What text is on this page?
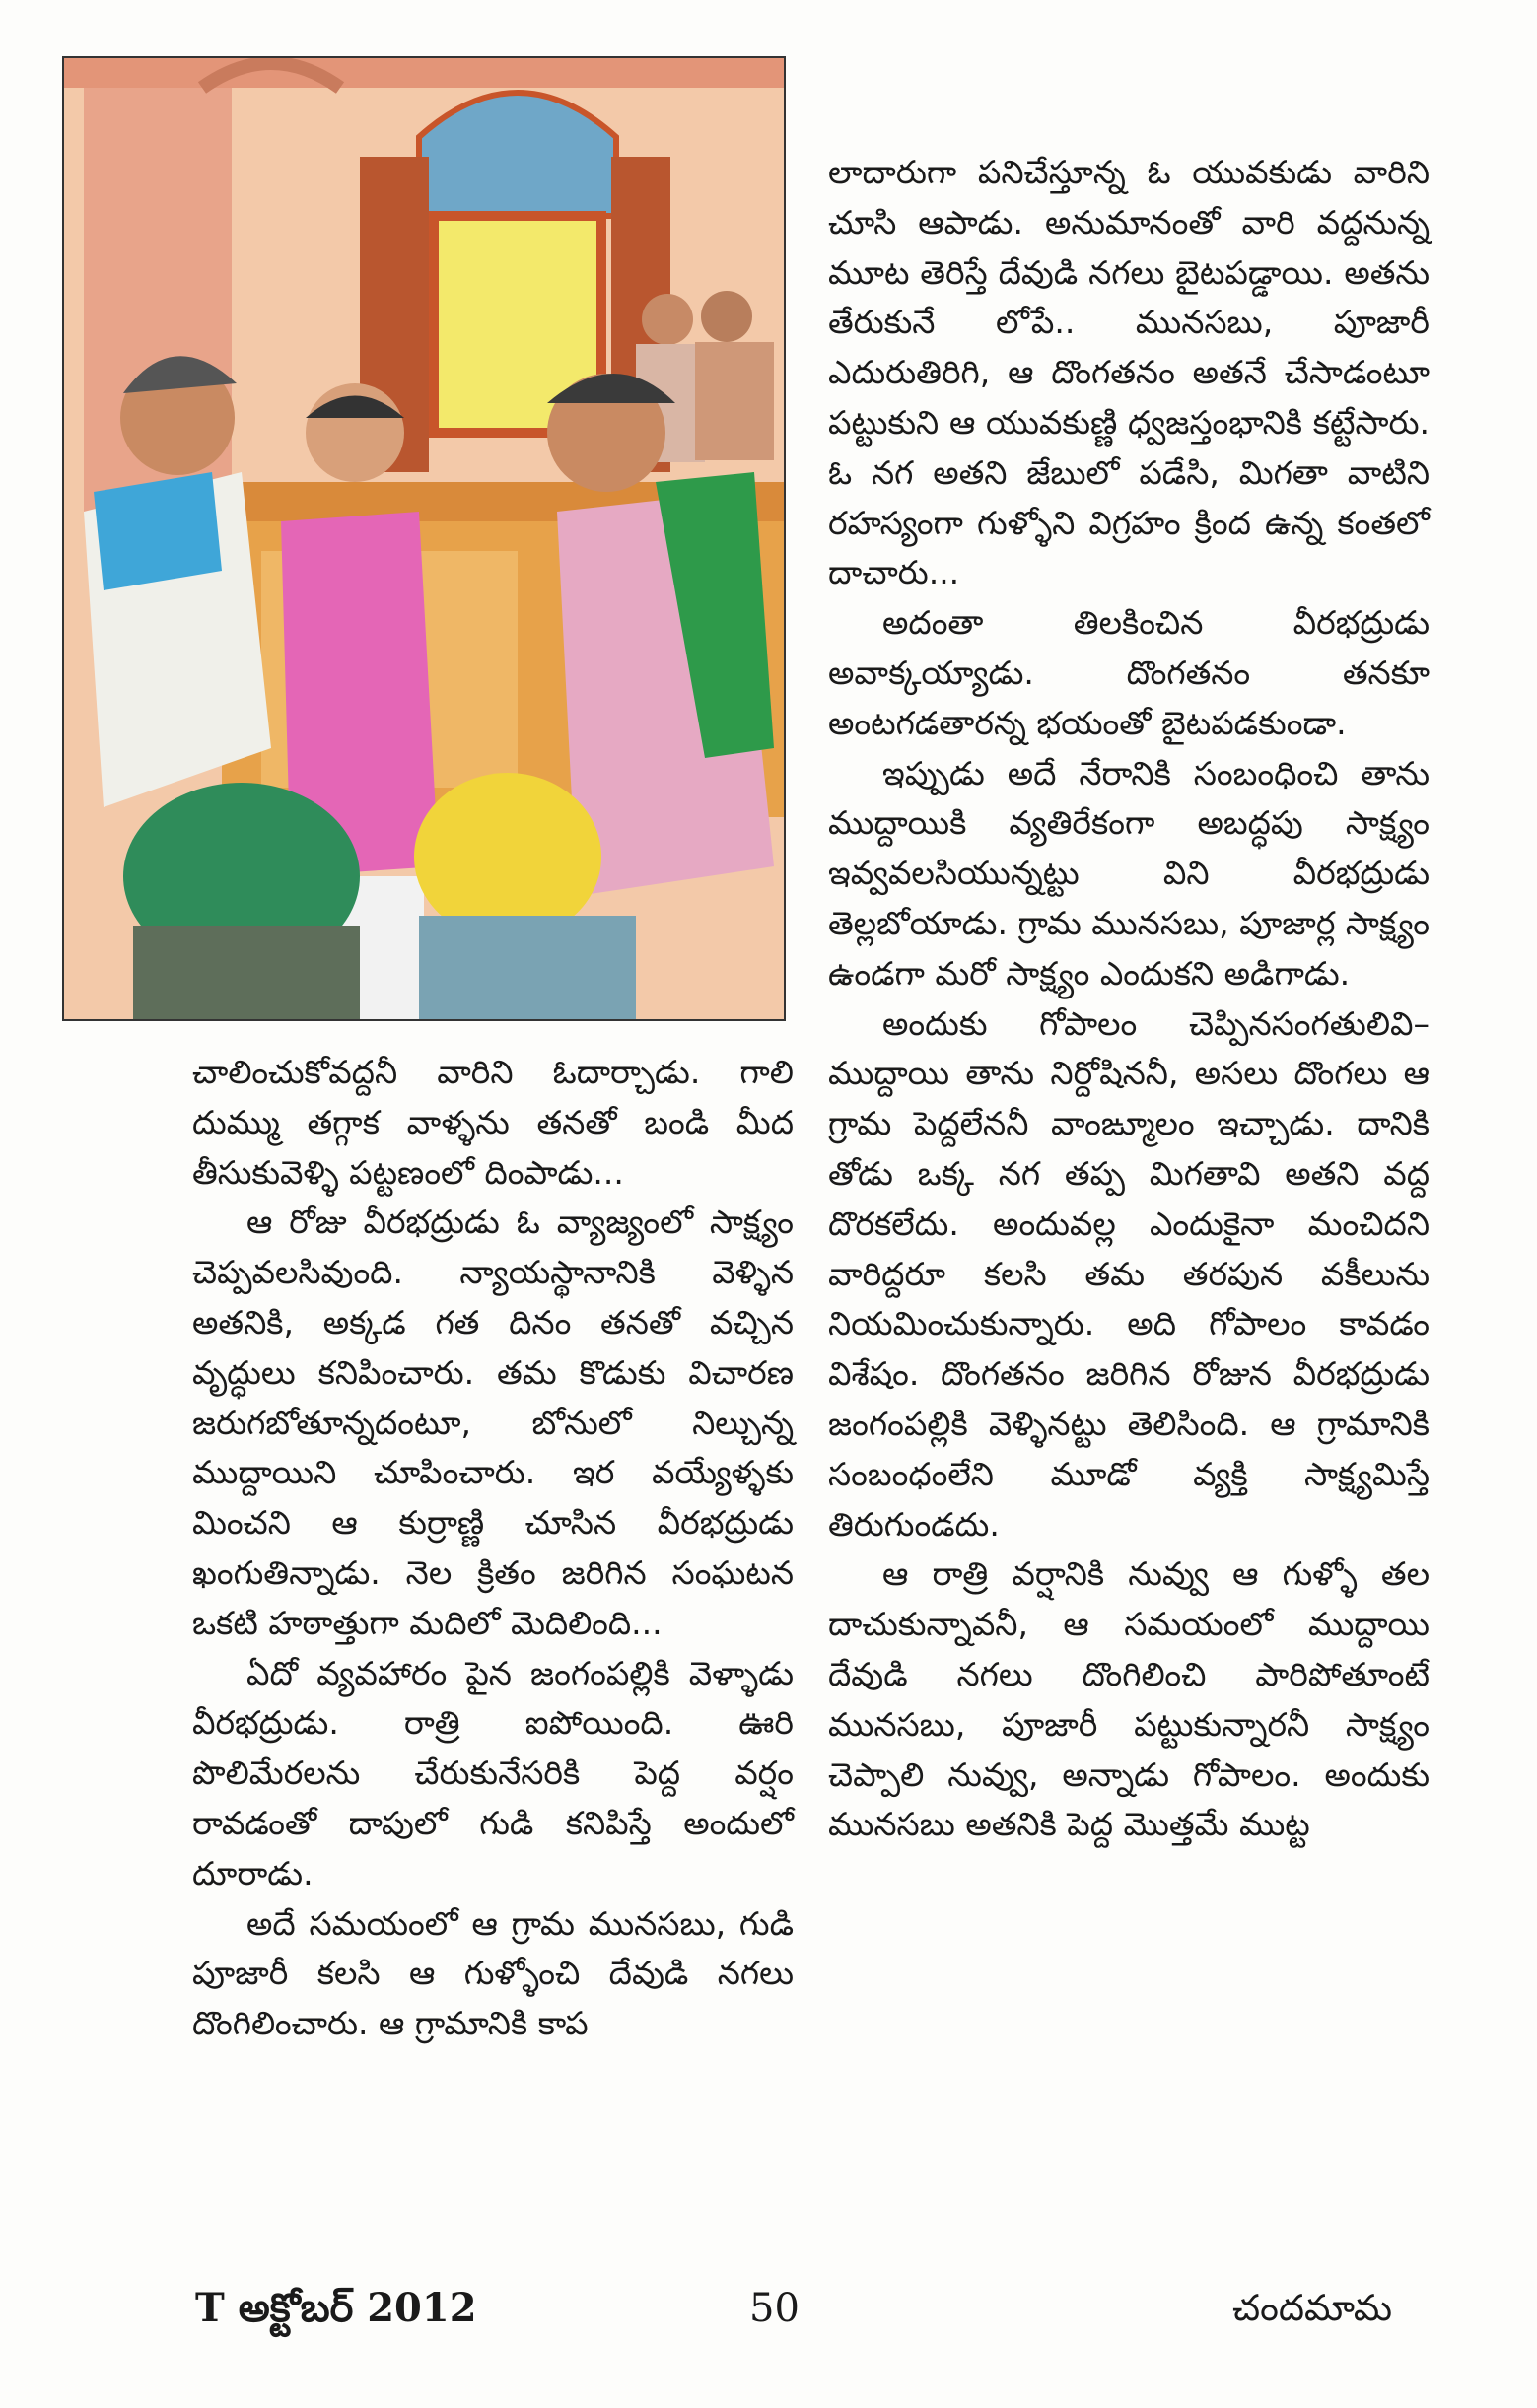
చాలించుకోవద్దనీ వారిని ఓదార్చాడు. గాలి దుమ్ము తగ్గాక వాళ్ళను తనతో బండి మీద తీసుకువెళ్ళి పట్టణంలో దింపాడు...

ఆ రోజు వీరభద్రుడు ఓ వ్యాజ్యంలో సాక్ష్యం చెప్పవలసివుంది. న్యాయస్థానానికి వెళ్ళిన అతనికి, అక్కడ గత దినం తనతో వచ్చిన వృద్ధులు కనిపించారు. తమ కొడుకు విచారణ జరుగబోతూన్నదంటూ, బోనులో నిల్చున్న ముద్దాయిని చూపించారు. ఇర వయ్యేళ్ళకు మించని ఆ కుర్రాణ్ణి చూసిన వీరభద్రుడు ఖంగుతిన్నాడు. నెల క్రితం జరిగిన సంఘటన ఒకటి హఠాత్తుగా మదిలో మెదిలింది...

ఏదో వ్యవహారం పైన జంగంపల్లికి వెళ్ళాడు వీరభద్రుడు. రాత్రి ఐపోయింది. ఊరి పొలిమేరలను చేరుకునేసరికి పెద్ద వర్షం రావడంతో దాపులో గుడి కనిపిస్తే అందులో దూరాడు.

అదే సమయంలో ఆ గ్రామ మునసబు, గుడి పూజారీ కలసి ఆ గుళ్ళోంచి దేవుడి నగలు దొంగిలించారు. ఆ గ్రామానికి కాప

లాదారుగా పనిచేస్తూన్న ఓ యువకుడు వారిని చూసి ఆపాడు. అనుమానంతో వారి వద్దనున్న మూట తెరిస్తే దేవుడి నగలు బైటపడ్డాయి. అతను తేరుకునే లోపే.. మునసబు, పూజారీ ఎదురుతిరిగి, ఆ దొంగతనం అతనే చేసాడంటూ పట్టుకుని ఆ యువకుణ్ణి ధ్వజస్తంభానికి కట్టేసారు. ఓ నగ అతని జేబులో పడేసి, మిగతా వాటిని రహస్యంగా గుళ్ళోని విగ్రహం క్రింద ఉన్న కంతలో దాచారు...

అదంతా తిలకించిన వీరభద్రుడు అవాక్కయ్యాడు. దొంగతనం తనకూ అంటగడతారన్న భయంతో బైటపడకుండా.

ఇప్పుడు అదే నేరానికి సంబంధించి తాను ముద్దాయికి వ్యతిరేకంగా అబద్ధపు సాక్ష్యం ఇవ్వవలసియున్నట్టు విని వీరభద్రుడు తెల్లబోయాడు. గ్రామ మునసబు, పూజార్ల సాక్ష్యం ఉండగా మరో సాక్ష్యం ఎందుకని అడిగాడు.

అందుకు గోపాలం చెప్పినసంగతులివి– ముద్దాయి తాను నిర్దోషిననీ, అసలు దొంగలు ఆ గ్రామ పెద్దలేననీ వాంఙ్మూలం ఇచ్చాడు. దానికి తోడు ఒక్క నగ తప్ప మిగతావి అతని వద్ద దొరకలేదు. అందువల్ల ఎందుకైనా మంచిదని వారిద్దరూ కలసి తమ తరపున వకీలును నియమించుకున్నారు. అది గోపాలం కావడం విశేషం. దొంగతనం జరిగిన రోజున వీరభద్రుడు జంగంపల్లికి వెళ్ళినట్టు తెలిసింది. ఆ గ్రామానికి సంబంధంలేని మూడో వ్యక్తి సాక్ష్యమిస్తే తిరుగుండదు.

ఆ రాత్రి వర్షానికి నువ్వు ఆ గుళ్ళో తల దాచుకున్నావనీ, ఆ సమయంలో ముద్దాయి దేవుడి నగలు దొంగిలించి పారిపోతూంటే మునసబు, పూజారీ పట్టుకున్నారనీ సాక్ష్యం చెప్పాలి నువ్వు, అన్నాడు గోపాలం. అందుకు మునసబు అతనికి పెద్ద మొత్తమే ముట్ట

T అక్టోబర్ 2012	50	చందమామ
